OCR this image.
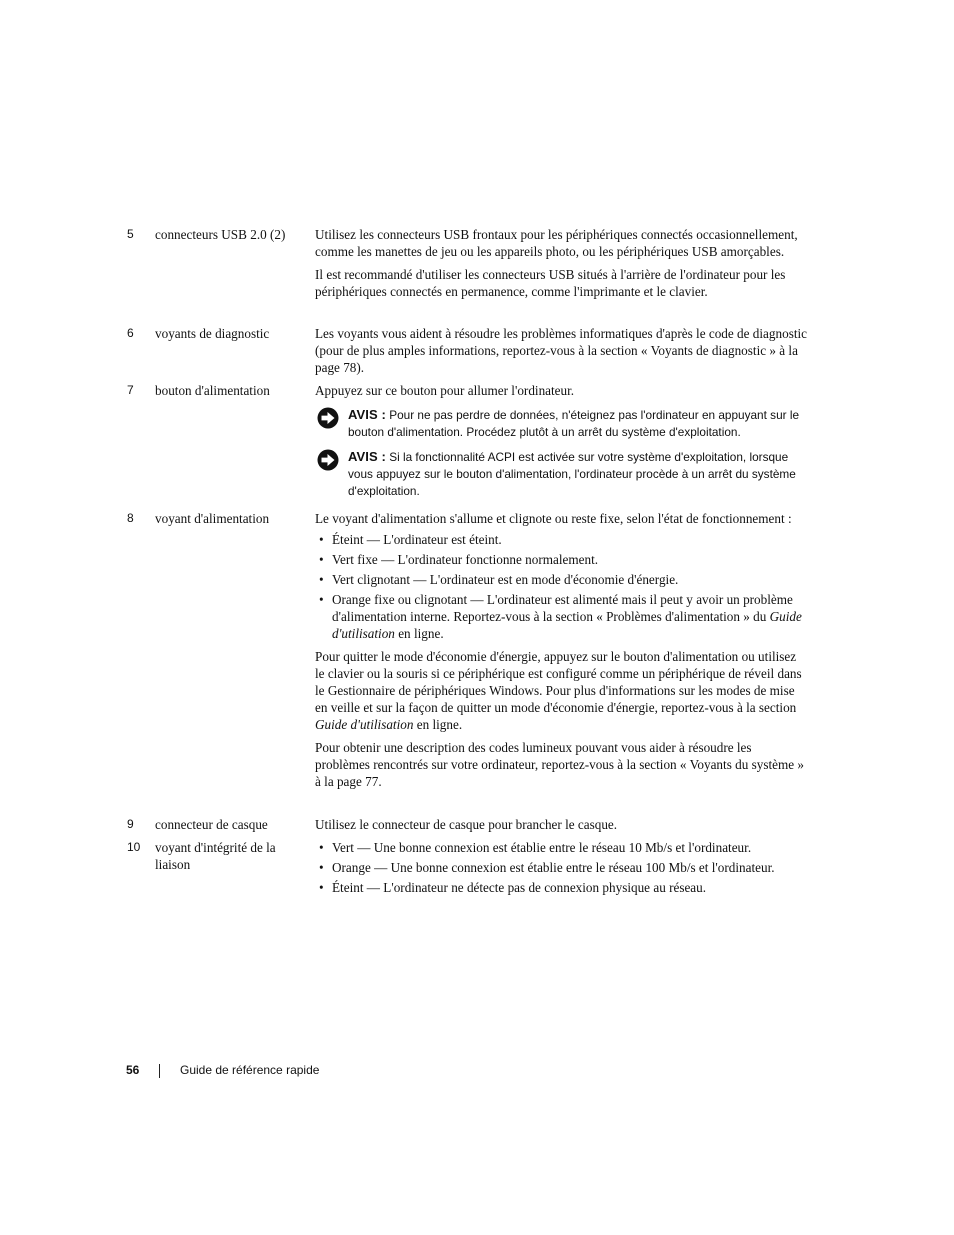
5 connecteurs USB 2.0 (2)	Utilisez les connecteurs USB frontaux pour les périphériques connectés occasionnellement, comme les manettes de jeu ou les appareils photo, ou les périphériques USB amorçables.

Il est recommandé d'utiliser les connecteurs USB situés à l'arrière de l'ordinateur pour les périphériques connectés en permanence, comme l'imprimante et le clavier.

6 voyants de diagnostic	Les voyants vous aident à résoudre les problèmes informatiques d'après le code de diagnostic (pour de plus amples informations, reportez-vous à la section « Voyants de diagnostic » à la page 78).

7 bouton d'alimentation	Appuyez sur ce bouton pour allumer l'ordinateur.

AVIS : Pour ne pas perdre de données, n'éteignez pas l'ordinateur en appuyant sur le bouton d'alimentation. Procédez plutôt à un arrêt du système d'exploitation.
AVIS : Si la fonctionnalité ACPI est activée sur votre système d'exploitation, lorsque vous appuyez sur le bouton d'alimentation, l'ordinateur procède à un arrêt du système d'exploitation.
8 voyant d'alimentation	Le voyant d'alimentation s'allume et clignote ou reste fixe, selon l'état de fonctionnement :

• Éteint — L'ordinateur est éteint.
• Vert fixe — L'ordinateur fonctionne normalement.
• Vert clignotant — L'ordinateur est en mode d'économie d'énergie.
• Orange fixe ou clignotant — L'ordinateur est alimenté mais il peut y avoir un problème d'alimentation interne. Reportez-vous à la section « Problèmes d'alimentation » du Guide d'utilisation en ligne.

Pour quitter le mode d'économie d'énergie, appuyez sur le bouton d'alimentation ou utilisez le clavier ou la souris si ce périphérique est configuré comme un périphérique de réveil dans le Gestionnaire de périphériques Windows. Pour plus d'informations sur les modes de mise en veille et sur la façon de quitter un mode d'économie d'énergie, reportez-vous à la section Guide d'utilisation en ligne.

Pour obtenir une description des codes lumineux pouvant vous aider à résoudre les problèmes rencontrés sur votre ordinateur, reportez-vous à la section « Voyants du système » à la page 77.

9 connecteur de casque	Utilisez le connecteur de casque pour brancher le casque.

10 voyant d'intégrité de la liaison
• Vert — Une bonne connexion est établie entre le réseau 10 Mb/s et l'ordinateur.
• Orange — Une bonne connexion est établie entre le réseau 100 Mb/s et l'ordinateur.
• Éteint — L'ordinateur ne détecte pas de connexion physique au réseau.
56	Guide de référence rapide
